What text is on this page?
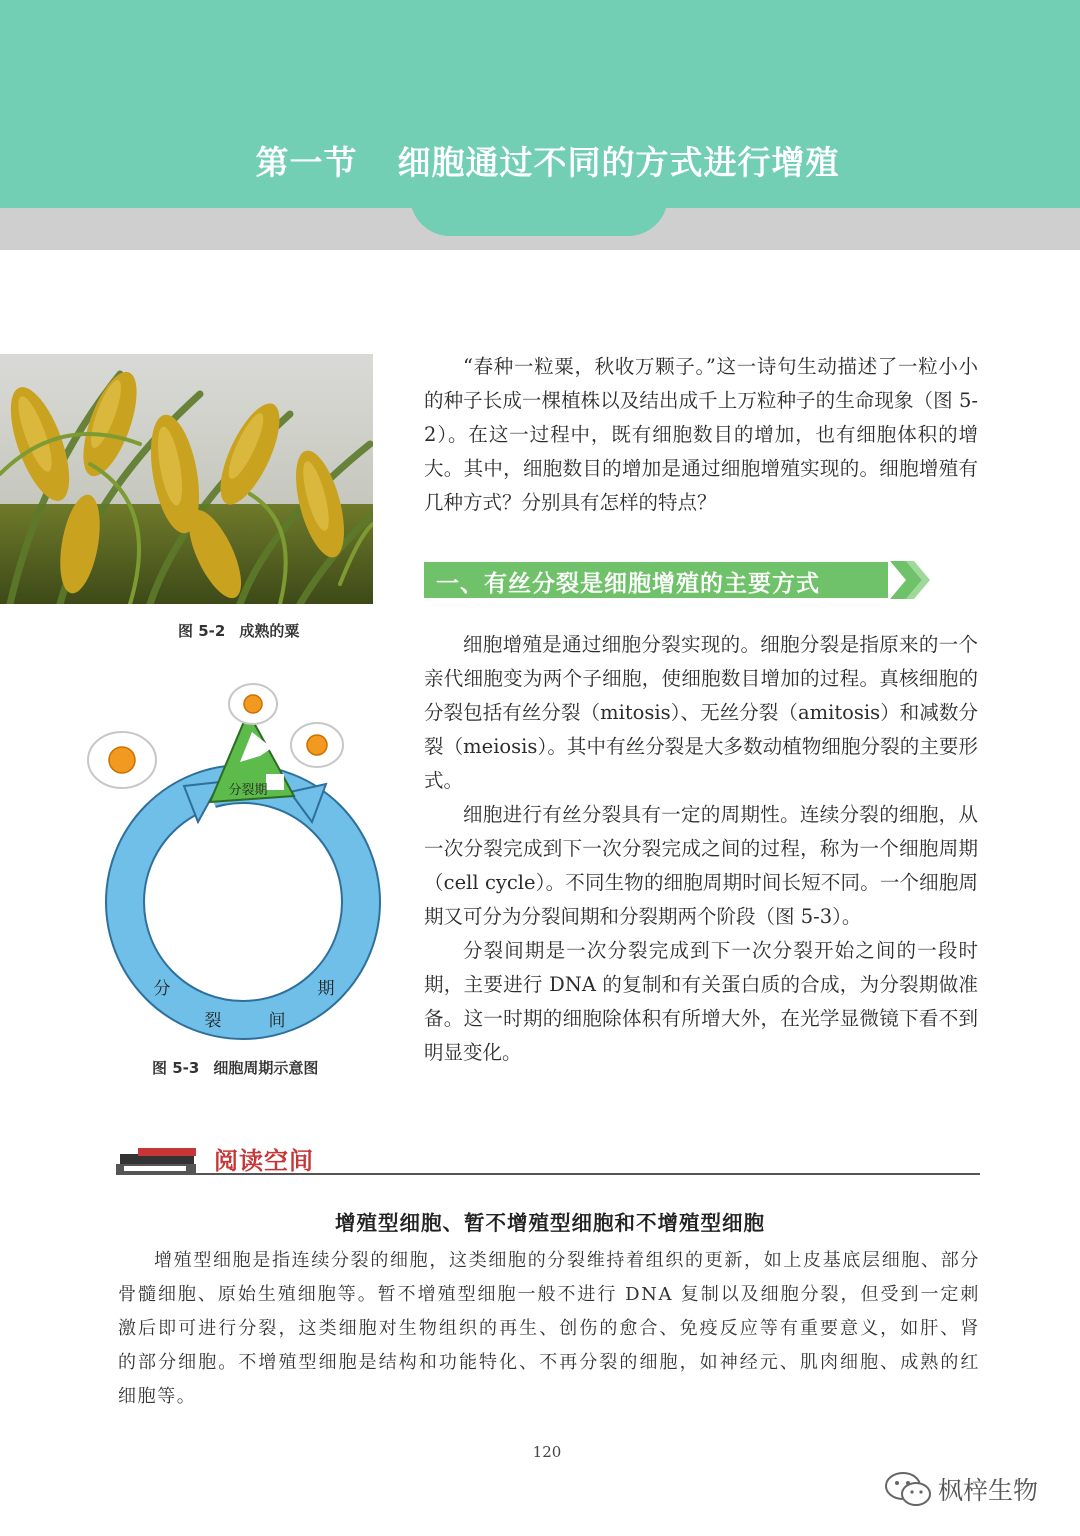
第一节 细胞通过不同的方式进行增殖
图 5-2 成熟的粟
分裂期
分
裂	间
期
图 5-3 细胞周期示意图

“春种一粒粟，秋收万颗子。”这一诗句生动描述了一粒小小的种子长成一棵植株以及结出成千上万粒种子的生命现象（图 5-2）。在这一过程中，既有细胞数目的增加，也有细胞体积的增大。其中，细胞数目的增加是通过细胞增殖实现的。细胞增殖有几种方式？分别具有怎样的特点？

一、有丝分裂是细胞增殖的主要方式

细胞增殖是通过细胞分裂实现的。细胞分裂是指原来的一个亲代细胞变为两个子细胞，使细胞数目增加的过程。真核细胞的分裂包括有丝分裂（mitosis）、无丝分裂（amitosis）和减数分裂（meiosis）。其中有丝分裂是大多数动植物细胞分裂的主要形式。

细胞进行有丝分裂具有一定的周期性。连续分裂的细胞，从一次分裂完成到下一次分裂完成之间的过程，称为一个细胞周期（cell cycle）。不同生物的细胞周期时间长短不同。一个细胞周期又可分为分裂间期和分裂期两个阶段（图 5-3）。

分裂间期是一次分裂完成到下一次分裂开始之间的一段时期，主要进行 DNA 的复制和有关蛋白质的合成，为分裂期做准备。这一时期的细胞除体积有所增大外，在光学显微镜下看不到明显变化。

阅读空间
增殖型细胞、暂不增殖型细胞和不增殖型细胞

增殖型细胞是指连续分裂的细胞，这类细胞的分裂维持着组织的更新，如上皮基底层细胞、部分骨髓细胞、原始生殖细胞等。暂不增殖型细胞一般不进行 DNA 复制以及细胞分裂，但受到一定刺激后即可进行分裂，这类细胞对生物组织的再生、创伤的愈合、免疫反应等有重要意义，如肝、肾的部分细胞。不增殖型细胞是结构和功能特化、不再分裂的细胞，如神经元、肌肉细胞、成熟的红细胞等。

120
枫梓生物
